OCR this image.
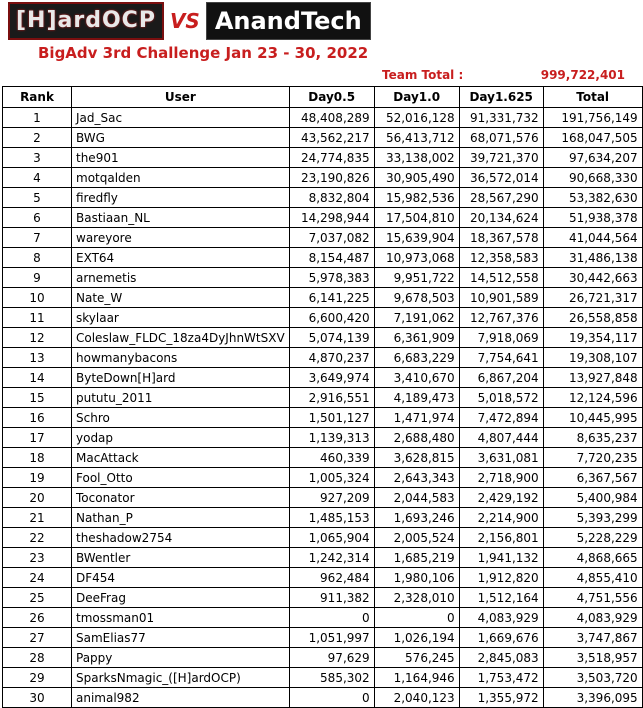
[H]ardOCP VS AnandTech
BigAdv 3rd Challenge Jan 23 - 30, 2022
Team Total :	999,722,401
Rank	User	Day0.5	Day1.0	Day1.625	Total
1	Jad_Sac	48,408,289	52,016,128	91,331,732	191,756,149
2	BWG	43,562,217	56,413,712	68,071,576	168,047,505
3	the901	24,774,835	33,138,002	39,721,370	97,634,207
4	motqalden	23,190,826	30,905,490	36,572,014	90,668,330
5	firedfly	8,832,804	15,982,536	28,567,290	53,382,630
6	Bastiaan_NL	14,298,944	17,504,810	20,134,624	51,938,378
7	wareyore	7,037,082	15,639,904	18,367,578	41,044,564
8	EXT64	8,154,487	10,973,068	12,358,583	31,486,138
9	arnemetis	5,978,383	9,951,722	14,512,558	30,442,663
10	Nate_W	6,141,225	9,678,503	10,901,589	26,721,317
11	skylaar	6,600,420	7,191,062	12,767,376	26,558,858
12	Coleslaw_FLDC_18za4DyJhnWtSXV	5,074,139	6,361,909	7,918,069	19,354,117
13	howmanybacons	4,870,237	6,683,229	7,754,641	19,308,107
14	ByteDown[H]ard	3,649,974	3,410,670	6,867,204	13,927,848
15	pututu_2011	2,916,551	4,189,473	5,018,572	12,124,596
16	Schro	1,501,127	1,471,974	7,472,894	10,445,995
17	yodap	1,139,313	2,688,480	4,807,444	8,635,237
18	MacAttack	460,339	3,628,815	3,631,081	7,720,235
19	Fool_Otto	1,005,324	2,643,343	2,718,900	6,367,567
20	Toconator	927,209	2,044,583	2,429,192	5,400,984
21	Nathan_P	1,485,153	1,693,246	2,214,900	5,393,299
22	theshadow2754	1,065,904	2,005,524	2,156,801	5,228,229
23	BWentler	1,242,314	1,685,219	1,941,132	4,868,665
24	DF454	962,484	1,980,106	1,912,820	4,855,410
25	DeeFrag	911,382	2,328,010	1,512,164	4,751,556
26	tmossman01	0	0	4,083,929	4,083,929
27	SamElias77	1,051,997	1,026,194	1,669,676	3,747,867
28	Pappy	97,629	576,245	2,845,083	3,518,957
29	SparksNmagic_([H]ardOCP)	585,302	1,164,946	1,753,472	3,503,720
30	animal982	0	2,040,123	1,355,972	3,396,095
